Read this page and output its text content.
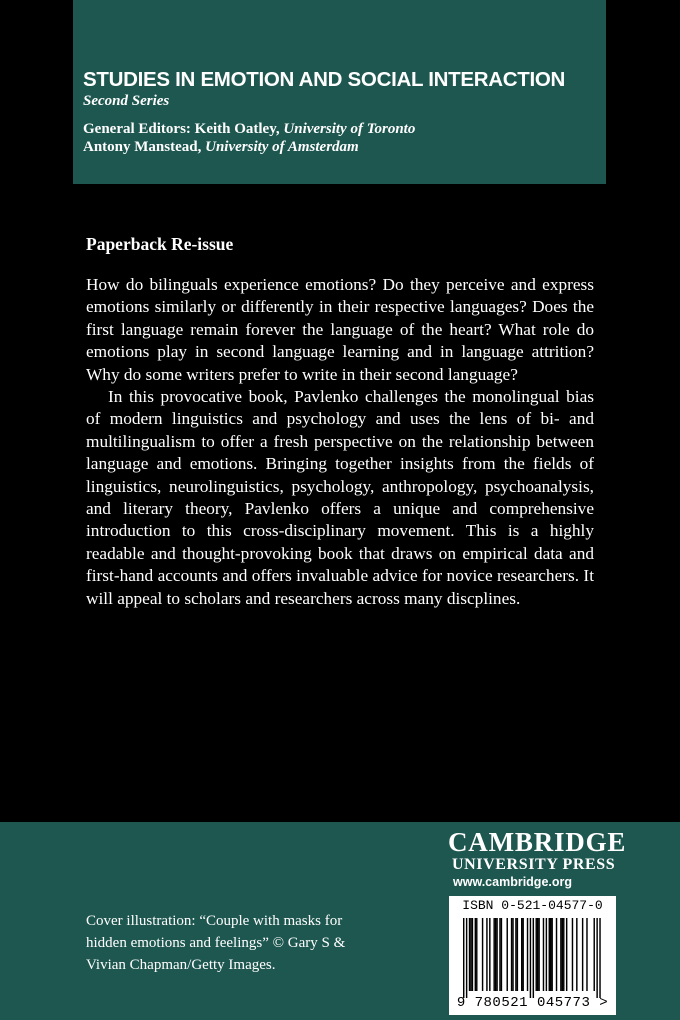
STUDIES IN EMOTION AND SOCIAL INTERACTION
Second Series
General Editors: Keith Oatley, University of Toronto
Antony Manstead, University of Amsterdam
Paperback Re-issue

How do bilinguals experience emotions? Do they perceive and express emotions similarly or differently in their respective languages? Does the first language remain forever the language of the heart? What role do emotions play in second language learning and in language attrition? Why do some writers prefer to write in their second language?

In this provocative book, Pavlenko challenges the monolingual bias of modern linguistics and psychology and uses the lens of bi- and multilingualism to offer a fresh perspective on the relationship between language and emotions. Bringing together insights from the fields of linguistics, neurolinguistics, psychology, anthropology, psychoanalysis, and literary theory, Pavlenko offers a unique and comprehensive introduction to this cross-disciplinary movement. This is a highly readable and thought-provoking book that draws on empirical data and first-hand accounts and offers invaluable advice for novice researchers. It will appeal to scholars and researchers across many discplines.

CAMBRIDGE
UNIVERSITY PRESS
www.cambridge.org
Cover illustration: “Couple with masks for hidden emotions and feelings” © Gary S & Vivian Chapman/Getty Images.
ISBN 0-521-04577-0
9 780521 045773 >
